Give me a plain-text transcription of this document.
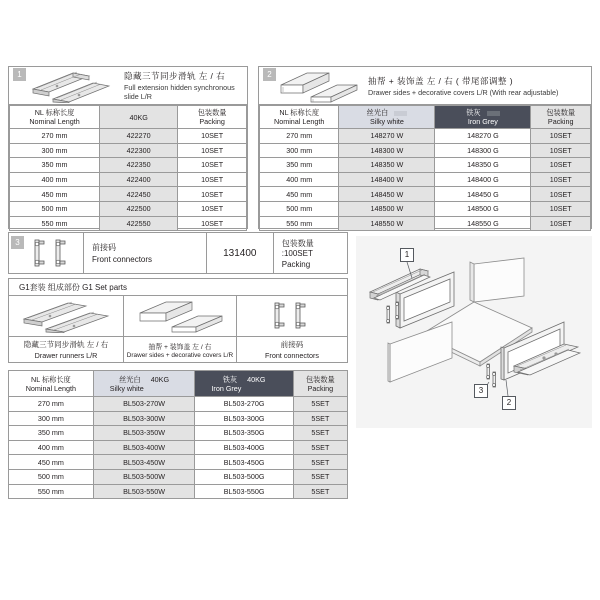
1	隐藏三节同步滑轨 左 / 右
Full extension hidden synchronous slide L/R
NL 标称长度
Nominal Length	40KG	包装数量
Packing

270 mm	422270	10SET
300 mm	422300	10SET
350 mm	422350	10SET
400 mm	422400	10SET
450 mm	422450	10SET
500 mm	422500	10SET
550 mm	422550	10SET
2
抽帮 + 装饰盖 左 / 右 ( 带尾部调整 )
Drawer sides + decorative covers L/R (With rear adjustable)
NL 标称长度
Nominal Length

丝光白
Silky white

铁灰
Iron Grey

包装数量
Packing

270 mm	148270 W	148270 G	10SET
300 mm	148300 W	148300 G	10SET
350 mm	148350 W	148350 G	10SET
400 mm	148400 W	148400 G	10SET
450 mm	148450 W	148450 G	10SET
500 mm	148500 W	148500 G	10SET
550 mm	148550 W	148550 G	10SET
3
前接码
Front connectors
131400
包装数量 :100SET
Packing
G1套装 组成部份 G1 Set parts
隐藏三节同步滑轨 左 / 右
Drawer runners L/R
抽帮 + 装饰盖 左 / 右
Drawer sides + decorative covers L/R
前接码
Front connectors
NL 标称长度
Nominal Length

丝光白 40KG
Silky white

铁灰 40KG
Iron Grey

包装数量
Packing

270 mm	BL503-270W	BL503-270G	5SET
300 mm	BL503-300W	BL503-300G	5SET
350 mm	BL503-350W	BL503-350G	5SET
400 mm	BL503-400W	BL503-400G	5SET
450 mm	BL503-450W	BL503-450G	5SET
500 mm	BL503-500W	BL503-500G	5SET
550 mm	BL503-550W	BL503-550G	5SET
1
2
3
